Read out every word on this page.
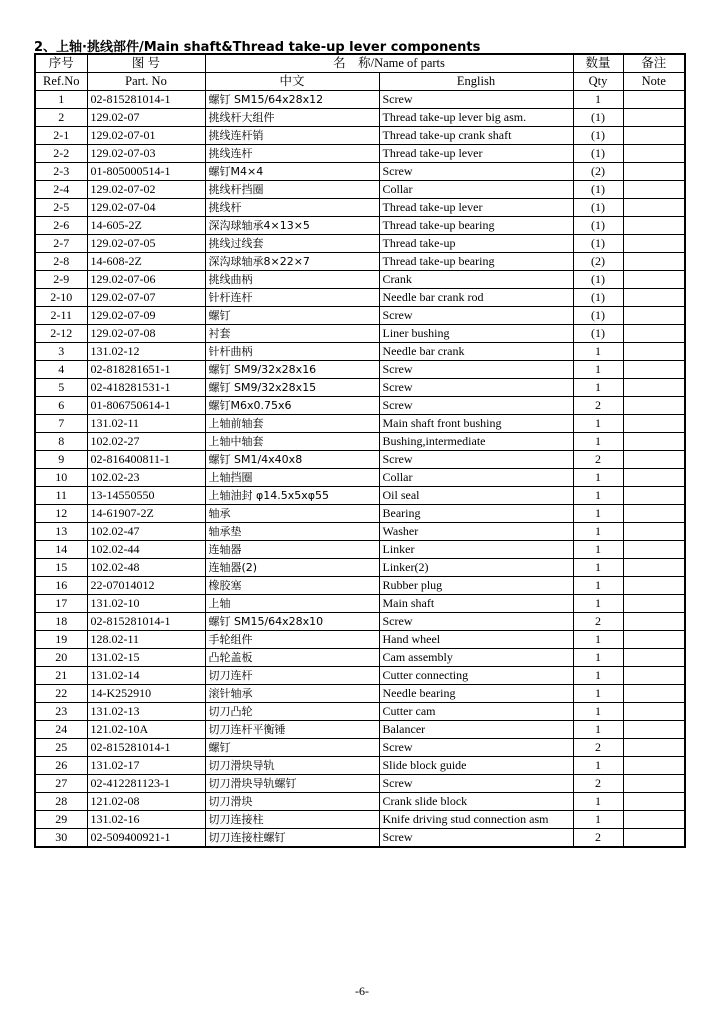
2、上轴·挑线部件/Main shaft&Thread take-up lever components
序号	图 号	名　称/Name of parts		数量	备注
Ref.No	Part. No	中文	English	Qty	Note
1	02-815281014-1	螺钉 SM15/64x28x12	Screw	1	
2	129.02-07	挑线杆大组件	Thread take-up lever big asm.	(1)	
2-1	129.02-07-01	挑线连杆销	Thread take-up crank shaft	(1)	
2-2	129.02-07-03	挑线连杆	Thread take-up lever	(1)	
2-3	01-805000514-1	螺钉M4×4	Screw	(2)	
2-4	129.02-07-02	挑线杆挡圈	Collar	(1)	
2-5	129.02-07-04	挑线杆	Thread take-up lever	(1)	
2-6	14-605-2Z	深沟球轴承4×13×5	Thread take-up bearing	(1)	
2-7	129.02-07-05	挑线过线套	Thread take-up	(1)	
2-8	14-608-2Z	深沟球轴承8×22×7	Thread take-up bearing	(2)	
2-9	129.02-07-06	挑线曲柄	Crank	(1)	
2-10	129.02-07-07	针杆连杆	Needle bar crank rod	(1)	
2-11	129.02-07-09	螺钉	Screw	(1)	
2-12	129.02-07-08	衬套	Liner bushing	(1)	
3	131.02-12	针杆曲柄	Needle bar crank	1	
4	02-818281651-1	螺钉 SM9/32x28x16	Screw	1	
5	02-418281531-1	螺钉 SM9/32x28x15	Screw	1	
6	01-806750614-1	螺钉M6x0.75x6	Screw	2	
7	131.02-11	上轴前轴套	Main shaft front bushing	1	
8	102.02-27	上轴中轴套	Bushing,intermediate	1	
9	02-816400811-1	螺钉 SM1/4x40x8	Screw	2	
10	102.02-23	上轴挡圈	Collar	1	
11	13-14550550	上轴油封 φ14.5x5xφ55	Oil seal	1	
12	14-61907-2Z	轴承	Bearing	1	
13	102.02-47	轴承垫	Washer	1	
14	102.02-44	连轴器	Linker	1	
15	102.02-48	连轴器(2)	Linker(2)	1	
16	22-07014012	橡胶塞	Rubber plug	1	
17	131.02-10	上轴	Main shaft	1	
18	02-815281014-1	螺钉 SM15/64x28x10	Screw	2	
19	128.02-11	手轮组件	Hand wheel	1	
20	131.02-15	凸轮盖板	Cam assembly	1	
21	131.02-14	切刀连杆	Cutter connecting	1	
22	14-K252910	滚针轴承	Needle bearing	1	
23	131.02-13	切刀凸轮	Cutter cam	1	
24	121.02-10A	切刀连杆平衡锤	Balancer	1	
25	02-815281014-1	螺钉	Screw	2	
26	131.02-17	切刀滑块导轨	Slide block guide	1	
27	02-412281123-1	切刀滑块导轨螺钉	Screw	2	
28	121.02-08	切刀滑块	Crank slide block	1	
29	131.02-16	切刀连接柱	Knife driving stud connection asm	1	
30	02-509400921-1	切刀连接柱螺钉	Screw	2	
-6-
